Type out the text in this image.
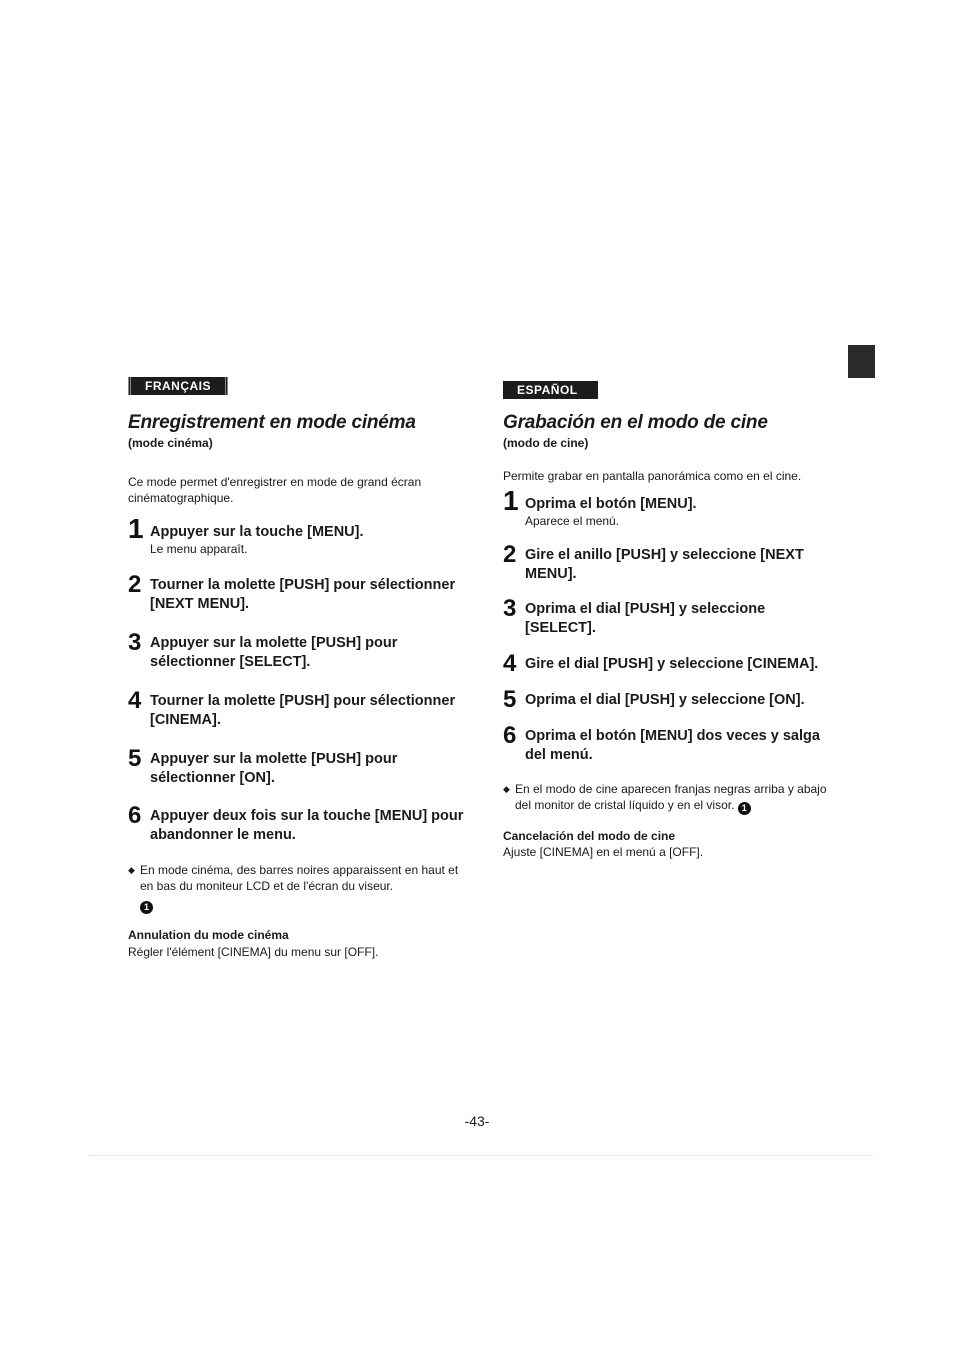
FRANÇAIS
Enregistrement en mode cinéma
(mode cinéma)
Ce mode permet d'enregistrer en mode de grand écran cinématographique.
1 Appuyer sur la touche [MENU].
Le menu apparaît.
2 Tourner la molette [PUSH] pour sélectionner [NEXT MENU].
3 Appuyer sur la molette [PUSH] pour sélectionner [SELECT].
4 Tourner la molette [PUSH] pour sélectionner [CINEMA].
5 Appuyer sur la molette [PUSH] pour sélectionner [ON].
6 Appuyer deux fois sur la touche [MENU] pour abandonner le menu.
◆ En mode cinéma, des barres noires apparaissent en haut et en bas du moniteur LCD et de l'écran du viseur.
1
Annulation du mode cinéma
Régler l'élément [CINEMA] du menu sur [OFF].
ESPAÑOL
Grabación en el modo de cine
(modo de cine)
Permite grabar en pantalla panorámica como en el cine.
1 Oprima el botón [MENU].
Aparece el menú.
2 Gire el anillo [PUSH] y seleccione [NEXT MENU].
3 Oprima el dial [PUSH] y seleccione [SELECT].
4 Gire el dial [PUSH] y seleccione [CINEMA].
5 Oprima el dial [PUSH] y seleccione [ON].
6 Oprima el botón [MENU] dos veces y salga del menú.
◆ En el modo de cine aparecen franjas negras arriba y abajo del monitor de cristal líquido y en el visor. 1
Cancelación del modo de cine
Ajuste [CINEMA] en el menú a [OFF].
-43-
